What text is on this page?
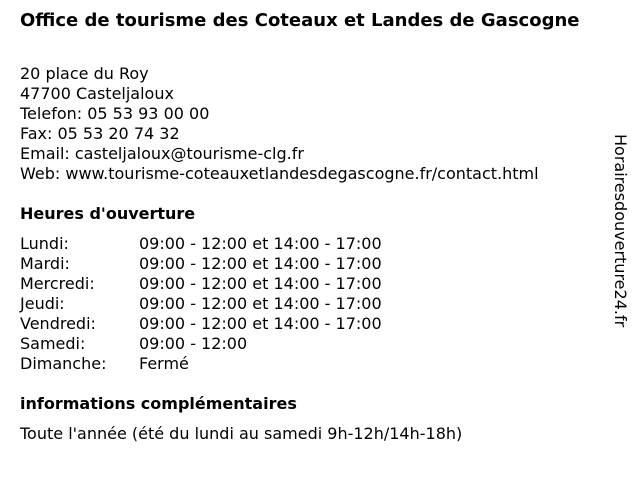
Office de tourisme des Coteaux et Landes de Gascogne
20 place du Roy
47700 Casteljaloux
Telefon: 05 53 93 00 00
Fax: 05 53 20 74 32
Email: casteljaloux@tourisme-clg.fr
Web: www.tourisme-coteauxetlandesdegascogne.fr/contact.html
Heures d'ouverture
Lundi:	09:00 - 12:00 et 14:00 - 17:00
Mardi:	09:00 - 12:00 et 14:00 - 17:00
Mercredi:	09:00 - 12:00 et 14:00 - 17:00
Jeudi:	09:00 - 12:00 et 14:00 - 17:00
Vendredi:	09:00 - 12:00 et 14:00 - 17:00
Samedi:	09:00 - 12:00
Dimanche: Fermé
informations complémentaires
Toute l'année (été du lundi au samedi 9h-12h/14h-18h)
Horairesdouverture24.fr
